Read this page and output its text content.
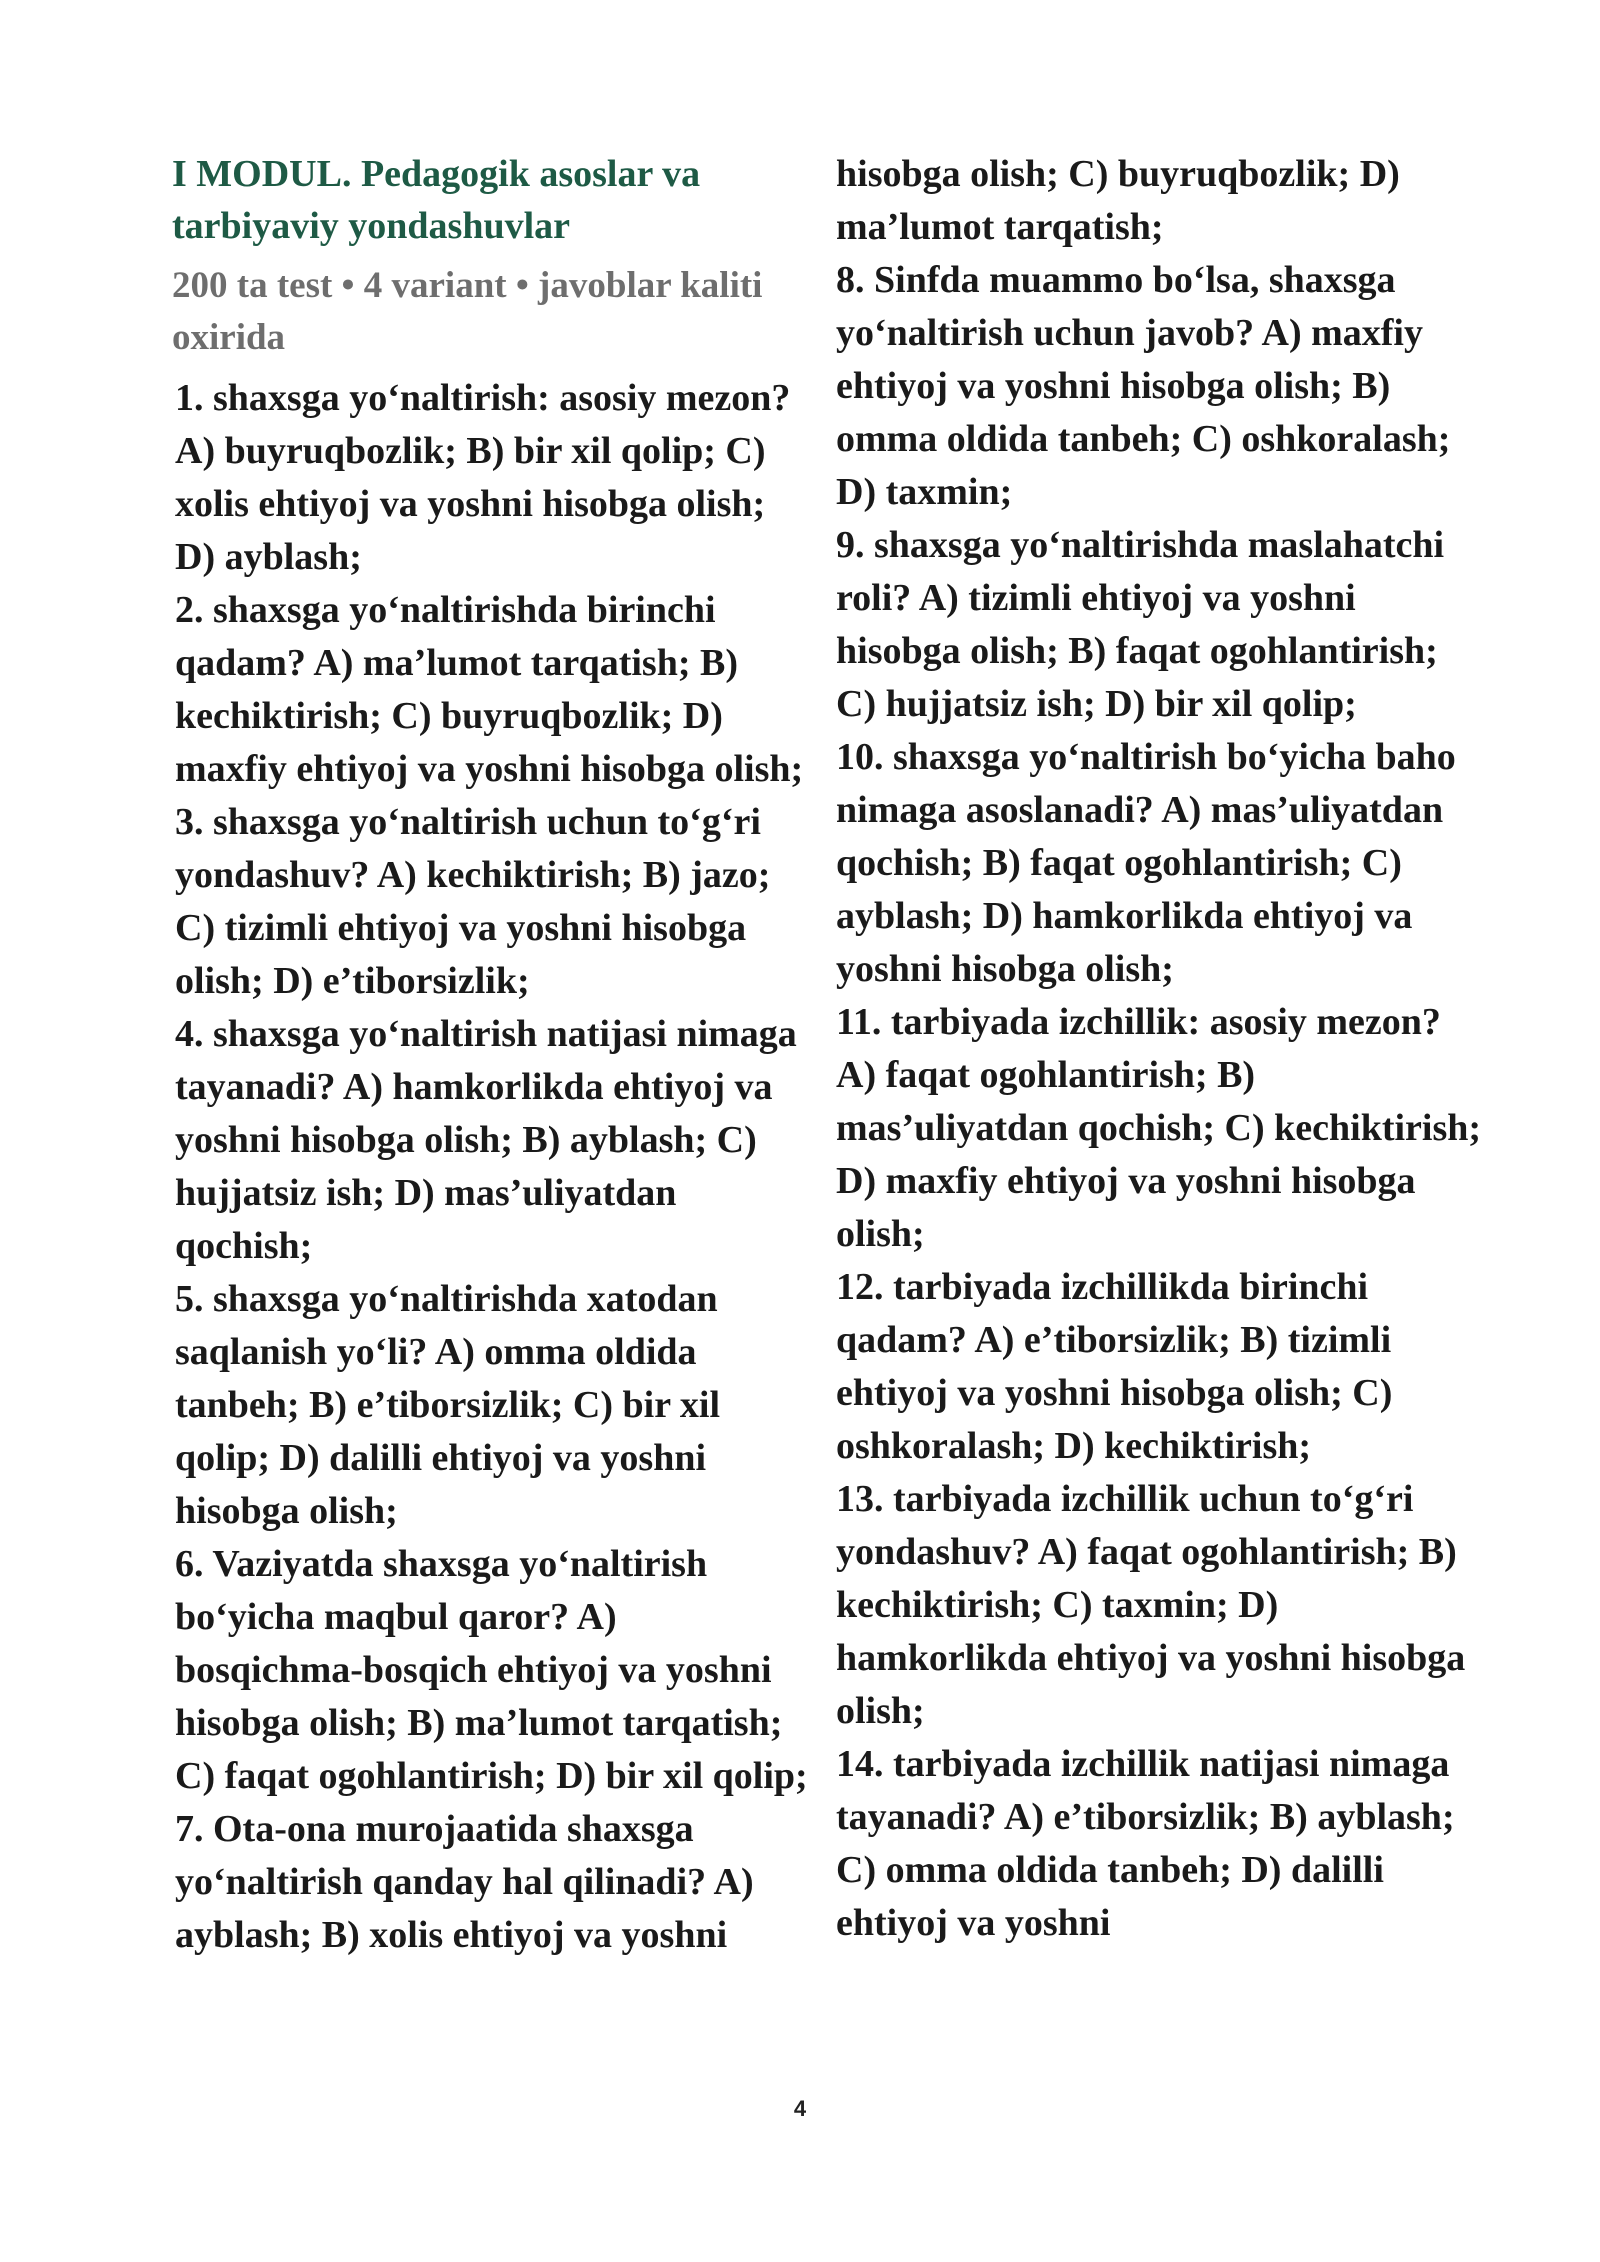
I MODUL. Pedagogik asoslar va tarbiyaviy yondashuvlar
200 ta test • 4 variant • javoblar kaliti oxirida

1. shaxsga yo‘naltirish: asosiy mezon? A) buyruqbozlik; B) bir xil qolip; C) xolis ehtiyoj va yoshni hisobga olish; D) ayblash;

2. shaxsga yo‘naltirishda birinchi qadam? A) ma’lumot tarqatish; B) kechiktirish; C) buyruqbozlik; D) maxfiy ehtiyoj va yoshni hisobga olish;

3. shaxsga yo‘naltirish uchun to‘g‘ri yondashuv? A) kechiktirish; B) jazo; C) tizimli ehtiyoj va yoshni hisobga olish; D) e’tiborsizlik;

4. shaxsga yo‘naltirish natijasi nimaga tayanadi? A) hamkorlikda ehtiyoj va yoshni hisobga olish; B) ayblash; C) hujjatsiz ish; D) mas’uliyatdan qochish;

5. shaxsga yo‘naltirishda xatodan saqlanish yo‘li? A) omma oldida tanbeh; B) e’tiborsizlik; C) bir xil qolip; D) dalilli ehtiyoj va yoshni hisobga olish;

6. Vaziyatda shaxsga yo‘naltirish bo‘yicha maqbul qaror? A) bosqichma-bosqich ehtiyoj va yoshni hisobga olish; B) ma’lumot tarqatish; C) faqat ogohlantirish; D) bir xil qolip;

7. Ota-ona murojaatida shaxsga yo‘naltirish qanday hal qilinadi? A) ayblash; B) xolis ehtiyoj va yoshni

hisobga olish; C) buyruqbozlik; D) ma’lumot tarqatish;

8. Sinfda muammo bo‘lsa, shaxsga yo‘naltirish uchun javob? A) maxfiy ehtiyoj va yoshni hisobga olish; B) omma oldida tanbeh; C) oshkoralash; D) taxmin;

9. shaxsga yo‘naltirishda maslahatchi roli? A) tizimli ehtiyoj va yoshni hisobga olish; B) faqat ogohlantirish; C) hujjatsiz ish; D) bir xil qolip;

10. shaxsga yo‘naltirish bo‘yicha baho nimaga asoslanadi? A) mas’uliyatdan qochish; B) faqat ogohlantirish; C) ayblash; D) hamkorlikda ehtiyoj va yoshni hisobga olish;

11. tarbiyada izchillik: asosiy mezon? A) faqat ogohlantirish; B) mas’uliyatdan qochish; C) kechiktirish; D) maxfiy ehtiyoj va yoshni hisobga olish;

12. tarbiyada izchillikda birinchi qadam? A) e’tiborsizlik; B) tizimli ehtiyoj va yoshni hisobga olish; C) oshkoralash; D) kechiktirish;

13. tarbiyada izchillik uchun to‘g‘ri yondashuv? A) faqat ogohlantirish; B) kechiktirish; C) taxmin; D) hamkorlikda ehtiyoj va yoshni hisobga olish;

14. tarbiyada izchillik natijasi nimaga tayanadi? A) e’tiborsizlik; B) ayblash; C) omma oldida tanbeh; D) dalilli ehtiyoj va yoshni

4
